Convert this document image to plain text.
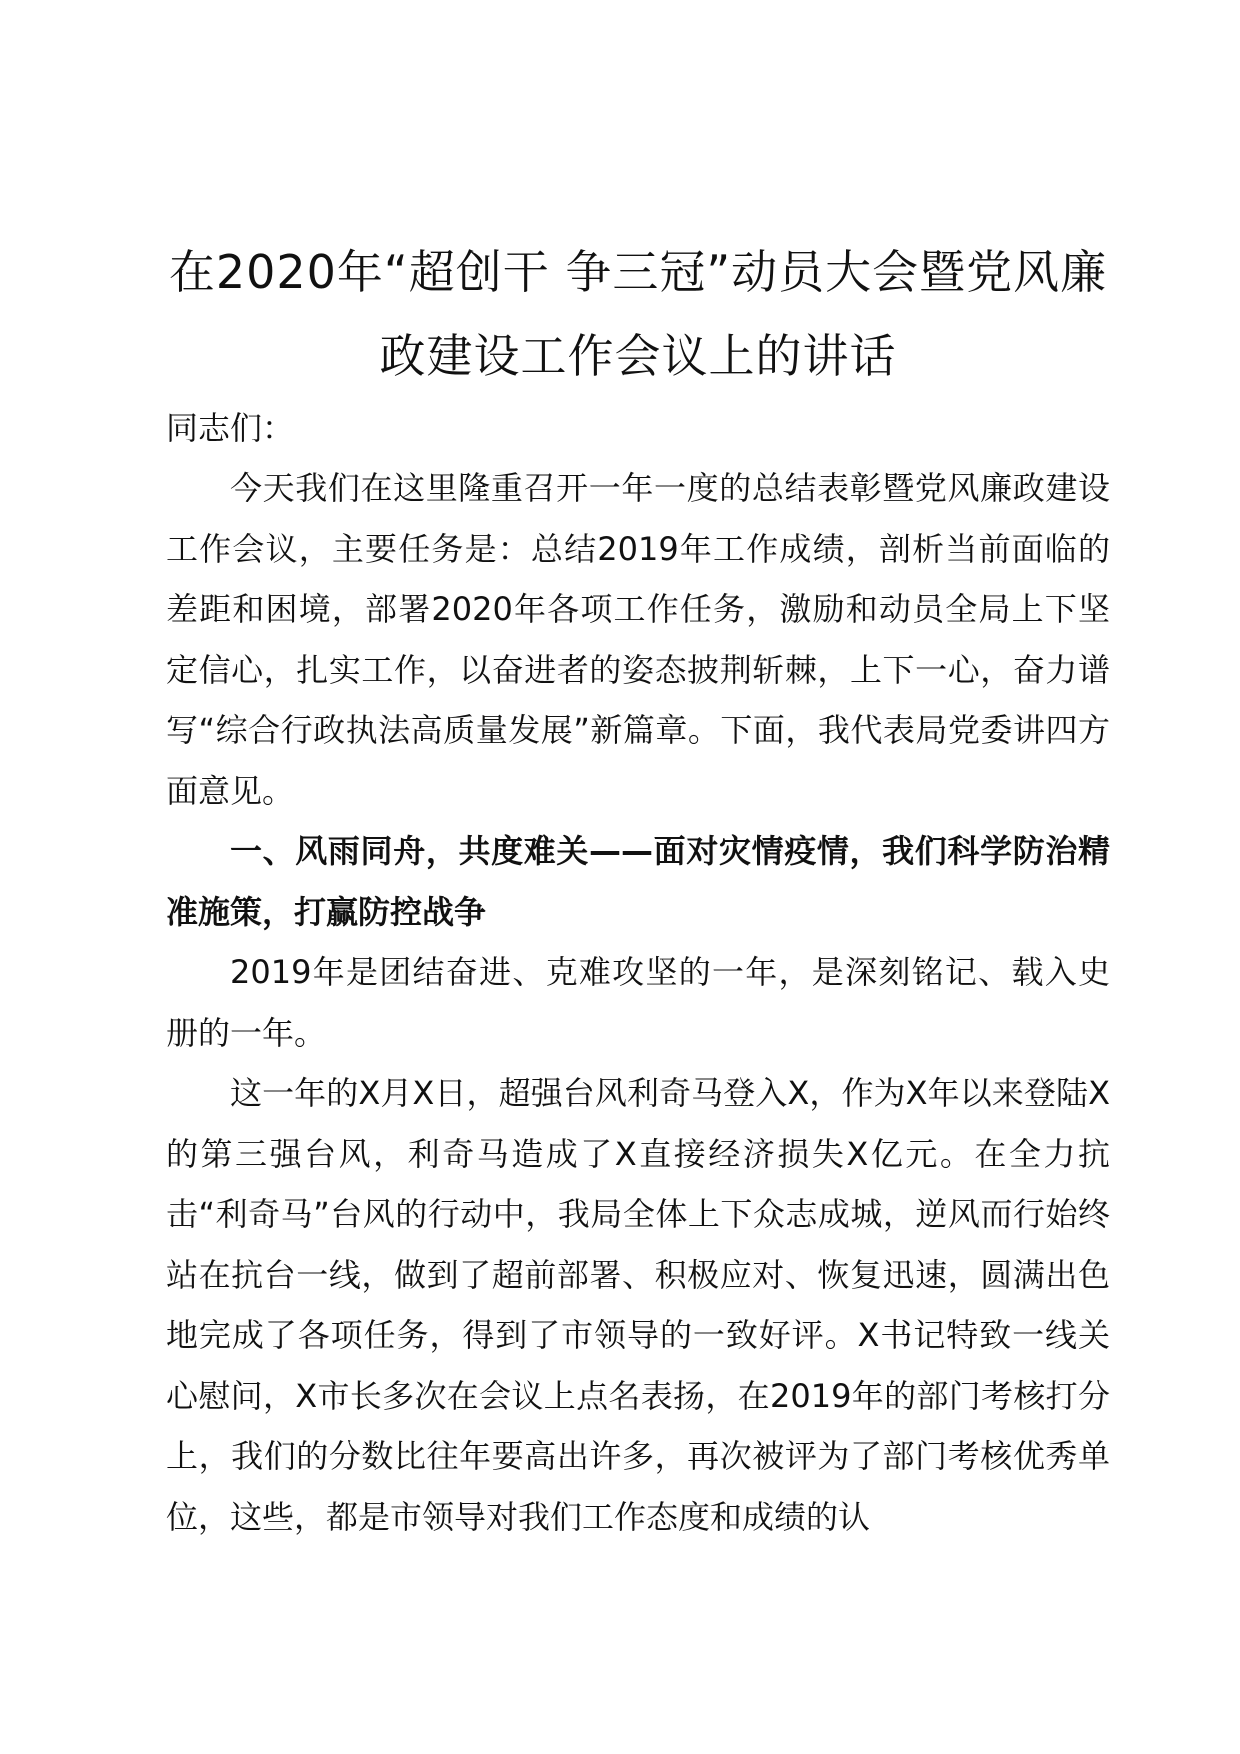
在2020年“超创干 争三冠”动员大会暨党风廉政建设工作会议上的讲话

同志们：

今天我们在这里隆重召开一年一度的总结表彰暨党风廉政建设工作会议，主要任务是：总结2019年工作成绩，剖析当前面临的差距和困境，部署2020年各项工作任务，激励和动员全局上下坚定信心，扎实工作，以奋进者的姿态披荆斩棘，上下一心，奋力谱写“综合行政执法高质量发展”新篇章。下面，我代表局党委讲四方面意见。

一、风雨同舟，共度难关——面对灾情疫情，我们科学防治精准施策，打赢防控战争

2019年是团结奋进、克难攻坚的一年，是深刻铭记、载入史册的一年。

这一年的X月X日，超强台风利奇马登入X，作为X年以来登陆X的第三强台风，利奇马造成了X直接经济损失X亿元。在全力抗击“利奇马”台风的行动中，我局全体上下众志成城，逆风而行始终站在抗台一线，做到了超前部署、积极应对、恢复迅速，圆满出色地完成了各项任务，得到了市领导的一致好评。X书记特致一线关心慰问，X市长多次在会议上点名表扬，在2019年的部门考核打分上，我们的分数比往年要高出许多，再次被评为了部门考核优秀单位，这些，都是市领导对我们工作态度和成绩的认
